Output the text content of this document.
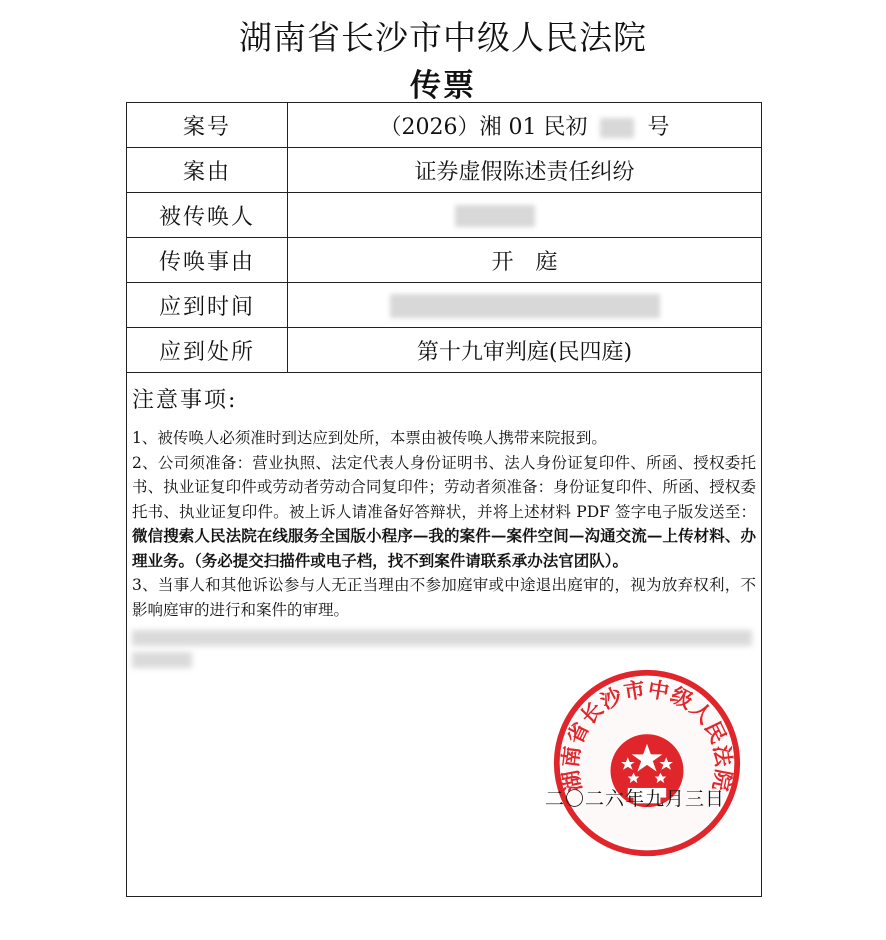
湖南省长沙市中级人民法院
传票
案号	（2026）湘 01 民初 号
案由	证券虚假陈述责任纠纷
被传唤人	
传唤事由	开　庭
应到时间	
应到处所	第十九审判庭(民四庭)
注意事项:

1、被传唤人必须准时到达应到处所，本票由被传唤人携带来院报到。

2、公司须准备：营业执照、法定代表人身份证明书、法人身份证复印件、所函、授权委托书、执业证复印件或劳动者劳动合同复印件；劳动者须准备：身份证复印件、所函、授权委托书、执业证复印件。被上诉人请准备好答辩状，并将上述材料 PDF 签字电子版发送至：微信搜索人民法院在线服务全国版小程序—我的案件—案件空间—沟通交流—上传材料、办理业务。（务必提交扫描件或电子档，找不到案件请联系承办法官团队）。

3、当事人和其他诉讼参与人无正当理由不参加庭审或中途退出庭审的，视为放弃权利，不影响庭审的进行和案件的审理。

湖南省长沙市中级人民法院
二〇二六年九月三日
